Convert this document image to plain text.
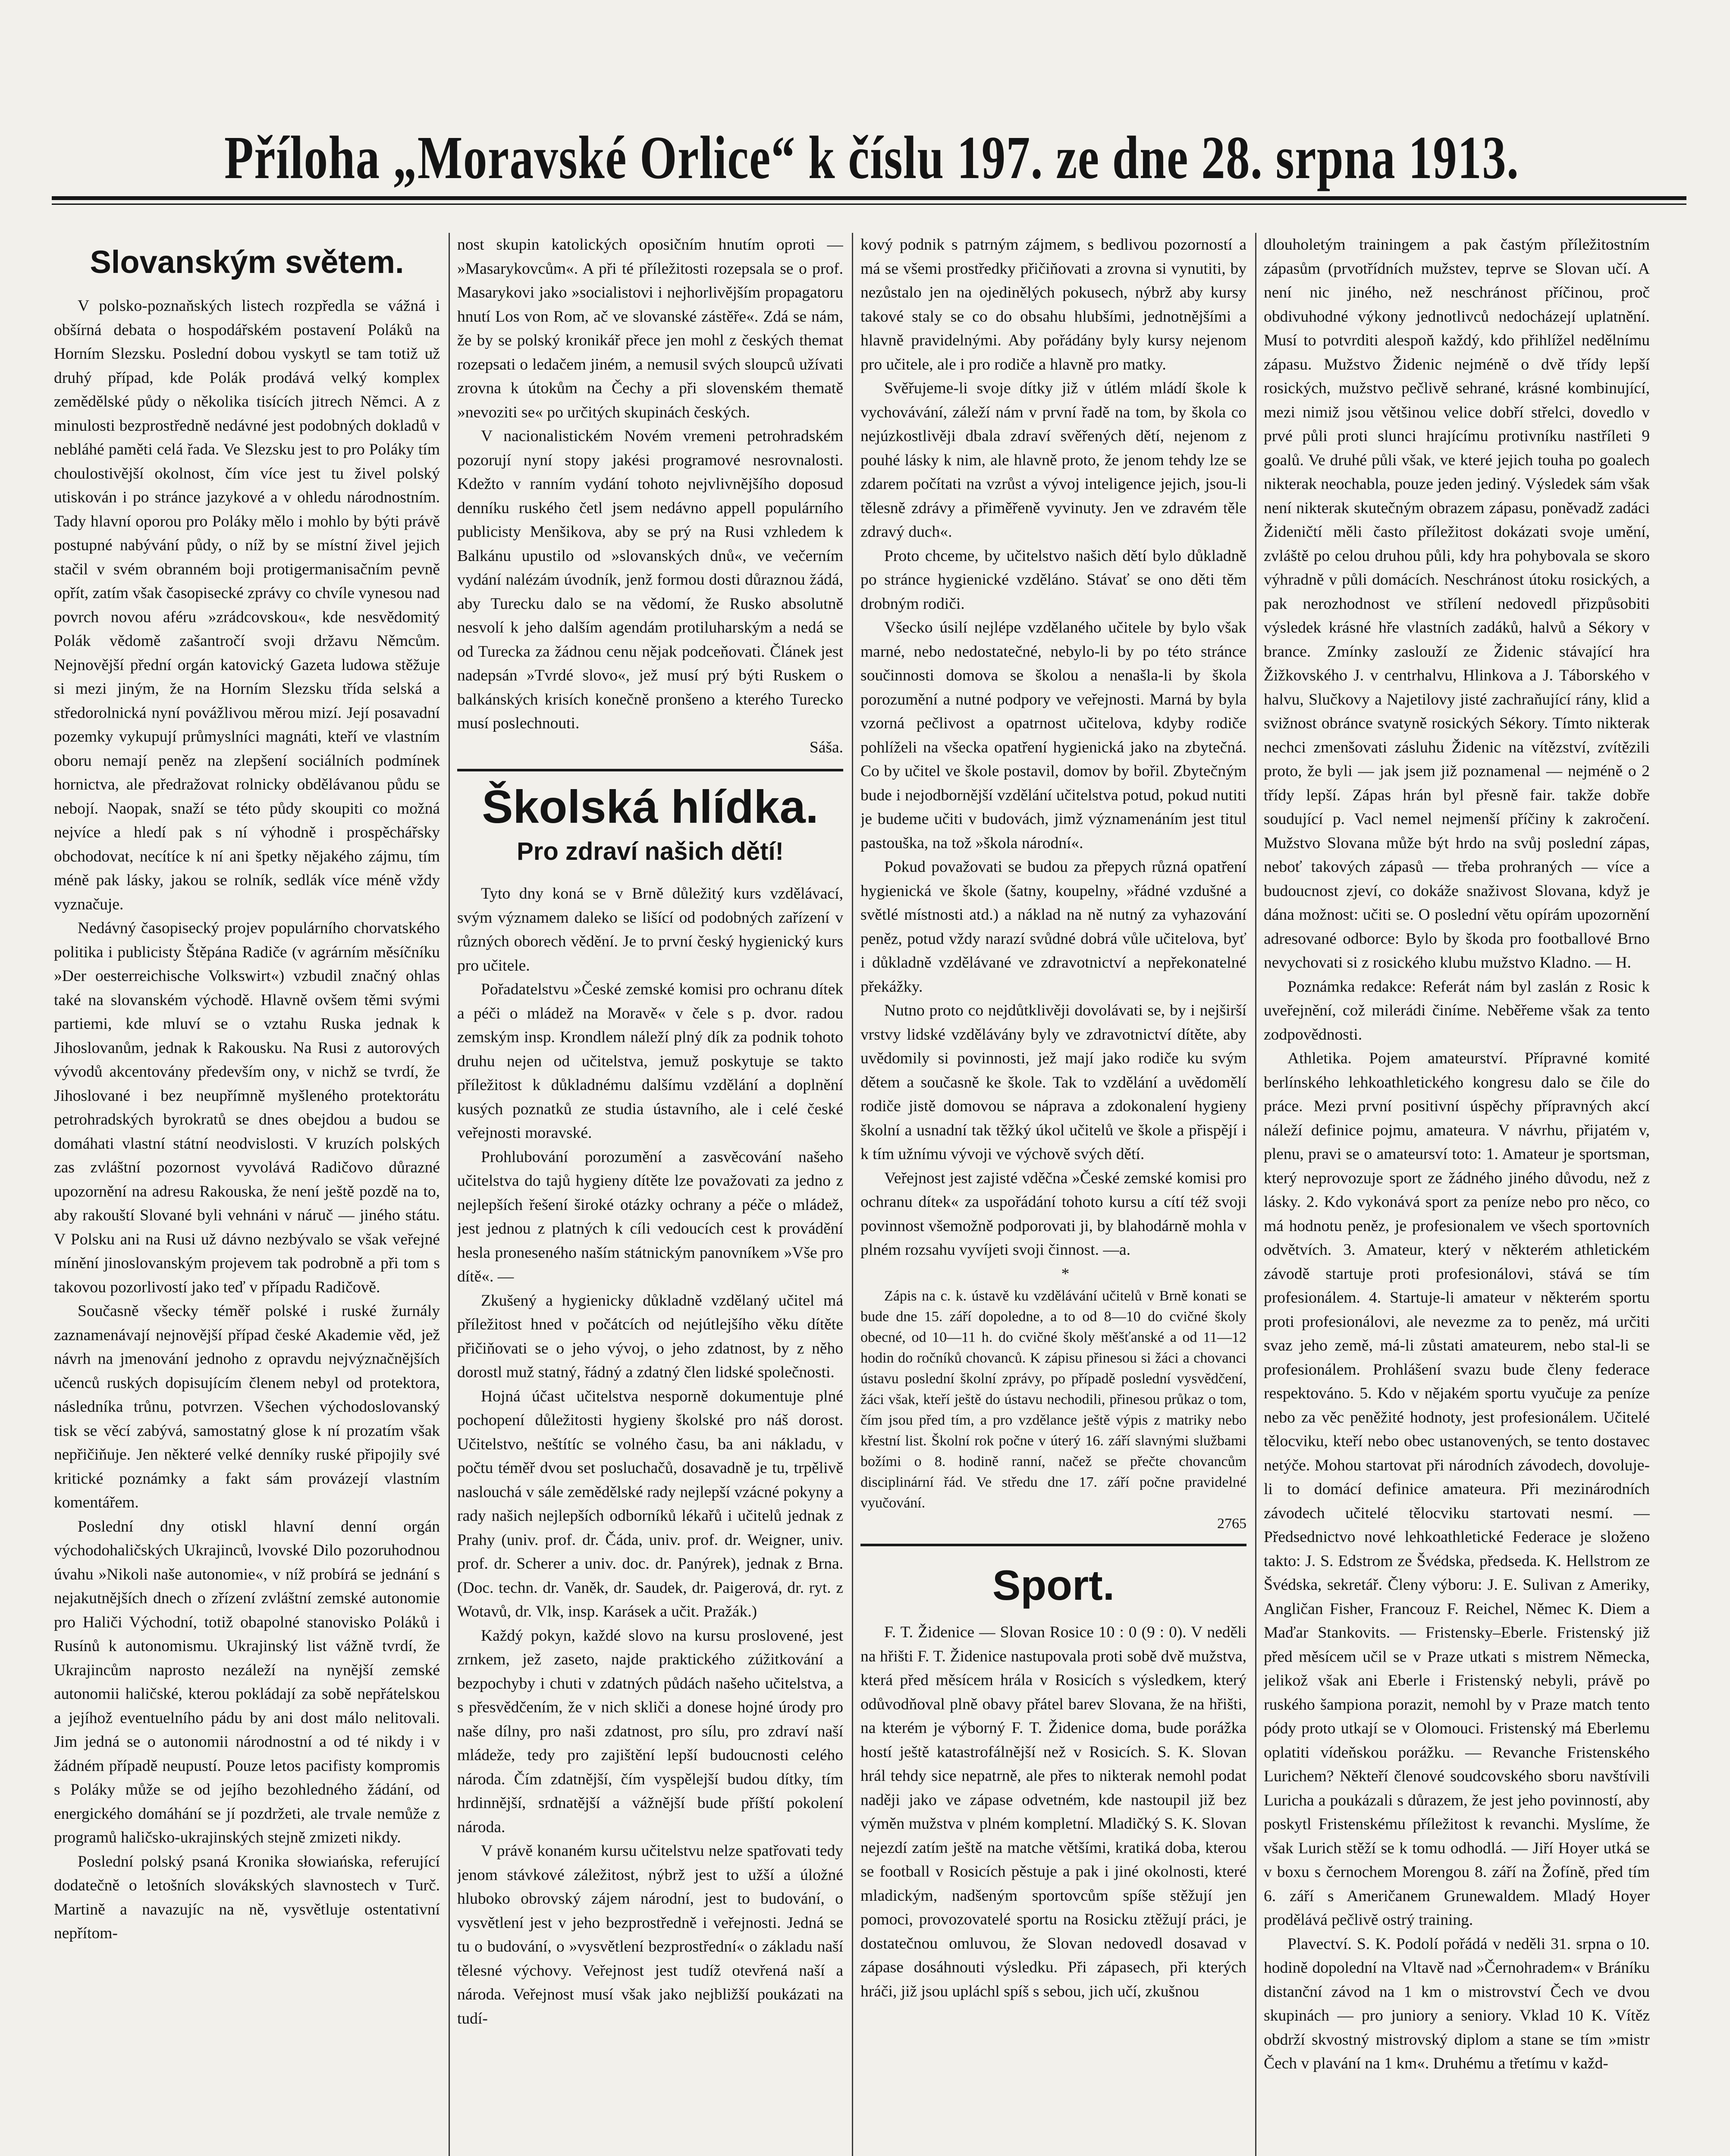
Příloha „Moravské Orlice“ k číslu 197. ze dne 28. srpna 1913.
Slovanským světem.

V polsko-poznaňských listech rozpředla se vážná i obšírná debata o hospodářském postavení Poláků na Horním Slezsku. Poslední dobou vyskytl se tam totiž už druhý případ, kde Polák prodává velký komplex zemědělské půdy o několika tisících jitrech Němci. A z minulosti bezprostředně nedávné jest podobných dokladů v nebláhé paměti celá řada. Ve Slezsku jest to pro Poláky tím choulostivější okolnost, čím více jest tu živel polský utiskován i po stránce jazykové a v ohledu národnostním. Tady hlavní oporou pro Poláky mělo i mohlo by býti právě postupné nabývání půdy, o níž by se místní živel jejich stačil v svém obranném boji protigermanisačním pevně opřít, zatím však časopisecké zprávy co chvíle vynesou nad povrch novou aféru »zrádcovskou«, kde nesvědomitý Polák vědomě zašantročí svoji državu Němcům. Nejnovější přední orgán katovický Gazeta ludowa stěžuje si mezi jiným, že na Horním Slezsku třída selská a středorolnická nyní povážlivou měrou mizí. Její posavadní pozemky vykupují průmyslníci magnáti, kteří ve vlastním oboru nemají peněz na zlepšení sociálních podmínek hornictva, ale předražovat rolnicky obdělávanou půdu se nebojí. Naopak, snaží se této půdy skoupiti co možná nejvíce a hledí pak s ní výhodně i prospěchářsky obchodovat, necítíce k ní ani špetky nějakého zájmu, tím méně pak lásky, jakou se rolník, sedlák více méně vždy vyznačuje.

Nedávný časopisecký projev populárního chorvatského politika i publicisty Štěpána Radiče (v agrárním měsíčníku »Der oesterreichische Volkswirt«) vzbudil značný ohlas také na slovanském východě. Hlavně ovšem těmi svými partiemi, kde mluví se o vztahu Ruska jednak k Jihoslovanům, jednak k Rakousku. Na Rusi z autorových vývodů akcentovány především ony, v nichž se tvrdí, že Jihoslované i bez neupřímně myšleného protektorátu petrohradských byrokratů se dnes obejdou a budou se domáhati vlastní státní neodvislosti. V kruzích polských zas zvláštní pozornost vyvolává Radičovo důrazné upozornění na adresu Rakouska, že není ještě pozdě na to, aby rakouští Slované byli vehnáni v náruč — jiného státu. V Polsku ani na Rusi už dávno nezbývalo se však veřejné mínění jinoslovanským projevem tak podrobně a při tom s takovou pozorlivostí jako teď v případu Radičově.

Současně všecky téměř polské i ruské žurnály zaznamenávají nejnovější případ české Akademie věd, jež návrh na jmenování jednoho z opravdu nejvýznačnějších učenců ruských dopisujícím členem nebyl od protektora, následníka trůnu, potvrzen. Všechen východoslovanský tisk se věcí zabývá, samostatný glose k ní prozatím však nepřičiňuje. Jen některé velké denníky ruské připojily své kritické poznámky a fakt sám provázejí vlastním komentářem.

Poslední dny otiskl hlavní denní orgán východohaličských Ukrajinců, lvovské Dilo pozoruhodnou úvahu »Nikoli naše autonomie«, v níž probírá se jednání s nejakutnějších dnech o zřízení zvláštní zemské autonomie pro Haliči Východní, totiž obapolné stanovisko Poláků i Rusínů k autonomismu. Ukrajinský list vážně tvrdí, že Ukrajincům naprosto nezáleží na nynější zemské autonomii haličské, kterou pokládají za sobě nepřátelskou a jejíhož eventuelního pádu by ani dost málo nelitovali. Jim jedná se o autonomii národnostní a od té nikdy i v žádném případě neupustí. Pouze letos pacifisty kompromis s Poláky může se od jejího bezohledného žádání, od energického domáhání se jí pozdržeti, ale trvale nemůže z programů haličsko-ukrajinských stejně zmizeti nikdy.

Poslední polský psaná Kronika słowiańska, referující dodatečně o letošních slovákských slavnostech v Turč. Martině a navazujíc na ně, vysvětluje ostentativní nepřítom-

nost skupin katolických oposičním hnutím oproti — »Masarykovcům«. A při té příležitosti rozepsala se o prof. Masarykovi jako »socialistovi i nejhorlivějším propagatoru hnutí Los von Rom, ač ve slovanské zástěře«. Zdá se nám, že by se polský kronikář přece jen mohl z českých themat rozepsati o ledačem jiném, a nemusil svých sloupců užívati zrovna k útokům na Čechy a při slovenském thematě »nevoziti se« po určitých skupinách českých.

V nacionalistickém Novém vremeni petrohradském pozorují nyní stopy jakési programové nesrovnalosti. Kdežto v ranním vydání tohoto nejvlivnějšího doposud denníku ruského četl jsem nedávno appell populárního publicisty Menšikova, aby se prý na Rusi vzhledem k Balkánu upustilo od »slovanských dnů«, ve večerním vydání nalézám úvodník, jenž formou dosti důraznou žádá, aby Turecku dalo se na vědomí, že Rusko absolutně nesvolí k jeho dalším agendám protiluharským a nedá se od Turecka za žádnou cenu nějak podceňovati. Článek jest nadepsán »Tvrdé slovo«, jež musí prý býti Ruskem o balkánských krisích konečně pronšeno a kterého Turecko musí poslechnouti.

Sáša.

Školská hlídka.
Pro zdraví našich dětí!

Tyto dny koná se v Brně důležitý kurs vzdělávací, svým významem daleko se lišící od podobných zařízení v různých oborech vědění. Je to první český hygienický kurs pro učitele.

Pořadatelstvu »České zemské komisi pro ochranu dítek a péči o mládež na Moravě« v čele s p. dvor. radou zemským insp. Krondlem náleží plný dík za podnik tohoto druhu nejen od učitelstva, jemuž poskytuje se takto příležitost k důkladnému dalšímu vzdělání a doplnění kusých poznatků ze studia ústavního, ale i celé české veřejnosti moravské.

Prohlubování porozumění a zasvěcování našeho učitelstva do tajů hygieny dítěte lze považovati za jedno z nejlepších řešení široké otázky ochrany a péče o mládež, jest jednou z platných k cíli vedoucích cest k provádění hesla proneseného naším státnickým panovníkem »Vše pro dítě«. —

Zkušený a hygienicky důkladně vzdělaný učitel má příležitost hned v počátcích od nejútlejšího věku dítěte přičiňovati se o jeho vývoj, o jeho zdatnost, by z něho dorostl muž statný, řádný a zdatný člen lidské společnosti.

Hojná účast učitelstva nesporně dokumentuje plné pochopení důležitosti hygieny školské pro náš dorost. Učitelstvo, neštítíc se volného času, ba ani nákladu, v počtu téměř dvou set posluchačů, dosavadně je tu, trpělivě naslouchá v sále zemědělské rady nejlepší vzácné pokyny a rady našich nejlepších odborníků lékařů i učitelů jednak z Prahy (univ. prof. dr. Čáda, univ. prof. dr. Weigner, univ. prof. dr. Scherer a univ. doc. dr. Panýrek), jednak z Brna. (Doc. techn. dr. Vaněk, dr. Saudek, dr. Paigerová, dr. ryt. z Wotavů, dr. Vlk, insp. Karásek a učit. Pražák.)

Každý pokyn, každé slovo na kursu proslovené, jest zrnkem, jež zaseto, najde praktického zúžitkování a bezpochyby i chuti v zdatných půdách našeho učitelstva, a s přesvědčením, že v nich skliči a donese hojné úrody pro naše dílny, pro naši zdatnost, pro sílu, pro zdraví naší mládeže, tedy pro zajištění lepší budoucnosti celého národa. Čím zdatnější, čím vyspělejší budou dítky, tím hrdinnější, srdnatější a vážnější bude příští pokolení národa.

V právě konaném kursu učitelstvu nelze spatřovati tedy jenom stávkové záležitost, nýbrž jest to užší a úložné hluboko obrovský zájem národní, jest to budování, o vysvětlení jest v jeho bezprostředně i veřejnosti. Jedná se tu o budování, o »vysvětlení bezprostřední« o základu naší tělesné výchovy. Veřejnost jest tudíž otevřená naší a národa. Veřejnost musí však jako nejbližší poukázati na tudí-

kový podnik s patrným zájmem, s bedlivou pozorností a má se všemi prostředky přičiňovati a zrovna si vynutiti, by nezůstalo jen na ojedinělých pokusech, nýbrž aby kursy takové staly se co do obsahu hlubšími, jednotnějšími a hlavně pravidelnými. Aby pořádány byly kursy nejenom pro učitele, ale i pro rodiče a hlavně pro matky.

Svěřujeme-li svoje dítky již v útlém mládí škole k vychovávání, záleží nám v první řadě na tom, by škola co nejúzkostlivěji dbala zdraví svěřených dětí, nejenom z pouhé lásky k nim, ale hlavně proto, že jenom tehdy lze se zdarem počítati na vzrůst a vývoj inteligence jejich, jsou-li tělesně zdrávy a přiměřeně vyvinuty. Jen ve zdravém těle zdravý duch«.

Proto chceme, by učitelstvo našich dětí bylo důkladně po stránce hygienické vzděláno. Stávať se ono děti těm drobným rodiči.

Všecko úsilí nejlépe vzdělaného učitele by bylo však marné, nebo nedostatečné, nebylo-li by po této stránce součinnosti domova se školou a nenašla-li by škola porozumění a nutné podpory ve veřejnosti. Marná by byla vzorná pečlivost a opatrnost učitelova, kdyby rodiče pohlíželi na všecka opatření hygienická jako na zbytečná. Co by učitel ve škole postavil, domov by bořil. Zbytečným bude i nejodbornější vzdělání učitelstva potud, pokud nutiti je budeme učiti v budovách, jimž významenáním jest titul pastouška, na tož »škola národní«.

Pokud považovati se budou za přepych různá opatření hygienická ve škole (šatny, koupelny, »řádné vzdušné a světlé místnosti atd.) a náklad na ně nutný za vyhazování peněz, potud vždy narazí svůdné dobrá vůle učitelova, byť i důkladně vzdělávané ve zdravotnictví a nepřekonatelné překážky.

Nutno proto co nejdůtklivěji dovolávati se, by i nejširší vrstvy lidské vzdělávány byly ve zdravotnictví dítěte, aby uvědomily si povinnosti, jež mají jako rodiče ku svým dětem a současně ke škole. Tak to vzdělání a uvědomělí rodiče jistě domovou se náprava a zdokonalení hygieny školní a usnadní tak těžký úkol učitelů ve škole a přispějí i k tím užnímu vývoji ve výchově svých dětí.

Veřejnost jest zajisté vděčna »České zemské komisi pro ochranu dítek« za uspořádání tohoto kursu a cítí též svoji povinnost všemožně podporovati ji, by blahodárně mohla v plném rozsahu vyvíjeti svoji činnost. —a.

*

Zápis na c. k. ústavě ku vzdělávání učitelů v Brně konati se bude dne 15. září dopoledne, a to od 8—10 do cvičné školy obecné, od 10—11 h. do cvičné školy měšťanské a od 11—12 hodin do ročníků chovanců. K zápisu přinesou si žáci a chovanci ústavu poslední školní zprávy, po případě poslední vysvědčení, žáci však, kteří ještě do ústavu nechodili, přinesou průkaz o tom, čím jsou před tím, a pro vzdělance ještě výpis z matriky nebo křestní list. Školní rok počne v úterý 16. září slavnými službami božími o 8. hodině ranní, načež se přečte chovancům disciplinární řád. Ve středu dne 17. září počne pravidelné vyučování.

2765

Sport.

F. T. Židenice — Slovan Rosice 10 : 0 (9 : 0). V neděli na hřišti F. T. Židenice nastupovala proti sobě dvě mužstva, která před měsícem hrála v Rosicích s výsledkem, který odůvodňoval plně obavy přátel barev Slovana, že na hřišti, na kterém je výborný F. T. Židenice doma, bude porážka hostí ještě katastrofálnější než v Rosicích. S. K. Slovan hrál tehdy sice nepatrně, ale přes to nikterak nemohl podat naději jako ve zápase odvetném, kde nastoupil již bez výměn mužstva v plném kompletní. Mladičký S. K. Slovan nejezdí zatím ještě na matche většími, kratiká doba, kterou se football v Rosicích pěstuje a pak i jiné okolnosti, které mladickým, nadšeným sportovcům spíše stěžují jen pomoci, provozovatelé sportu na Rosicku ztěžují práci, je dostatečnou omluvou, že Slovan nedovedl dosavad v zápase dosáhnouti výsledku. Při zápasech, při kterých hráči, již jsou upláchl spíš s sebou, jich učí, zkušnou

dlouholetým trainingem a pak častým příležitostním zápasům (prvotřídních mužstev, teprve se Slovan učí. A není nic jiného, než neschránost příčinou, proč obdivuhodné výkony jednotlivců nedocházejí uplatnění. Musí to potvrditi alespoň každý, kdo přihlížel nedělnímu zápasu. Mužstvo Židenic nejméně o dvě třídy lepší rosických, mužstvo pečlivě sehrané, krásné kombinující, mezi nimiž jsou většinou velice dobří střelci, dovedlo v prvé půli proti slunci hrajícímu protivníku nastříleti 9 goalů. Ve druhé půli však, ve které jejich touha po goalech nikterak neochabla, pouze jeden jediný. Výsledek sám však není nikterak skutečným obrazem zápasu, poněvadž zadáci Žideničtí měli často příležitost dokázati svoje umění, zvláště po celou druhou půli, kdy hra pohybovala se skoro výhradně v půli domácích. Neschránost útoku rosických, a pak nerozhodnost ve střílení nedovedl přizpůsobiti výsledek krásné hře vlastních zadáků, halvů a Sékory v brance. Zmínky zaslouží ze Židenic stávající hra Žižkovského J. v centrhalvu, Hlinkova a J. Táborského v halvu, Slučkovy a Najetilovy jisté zachraňující rány, klid a svižnost obránce svatyně rosických Sékory. Tímto nikterak nechci zmenšovati zásluhu Židenic na vítězství, zvítězili proto, že byli — jak jsem již poznamenal — nejméně o 2 třídy lepší. Zápas hrán byl přesně fair. takže dobře soudující p. Vacl nemel nejmenší příčiny k zakročení. Mužstvo Slovana může být hrdo na svůj poslední zápas, neboť takových zápasů — třeba prohraných — více a budoucnost zjeví, co dokáže snaživost Slovana, když je dána možnost: učiti se. O poslední větu opírám upozornění adresované odborce: Bylo by škoda pro footballové Brno nevychovati si z rosického klubu mužstvo Kladno. — H.

Poznámka redakce: Referát nám byl zaslán z Rosic k uveřejnění, což milerádi činíme. Neběřeme však za tento zodpovědnosti.

Athletika. Pojem amateurství. Přípravné komité berlínského lehkoathletického kongresu dalo se čile do práce. Mezi první positivní úspěchy přípravných akcí náleží definice pojmu, amateura. V návrhu, přijatém v, plenu, pravi se o amateursví toto: 1. Amateur je sportsman, který neprovozuje sport ze žádného jiného důvodu, než z lásky. 2. Kdo vykonává sport za peníze nebo pro něco, co má hodnotu peněz, je profesionalem ve všech sportovních odvětvích. 3. Amateur, který v některém athletickém závodě startuje proti profesionálovi, stává se tím profesionálem. 4. Startuje-li amateur v některém sportu proti profesionálovi, ale nevezme za to peněz, má určiti svaz jeho země, má-li zůstati amateurem, nebo stal-li se profesionálem. Prohlášení svazu bude členy federace respektováno. 5. Kdo v nějakém sportu vyučuje za peníze nebo za věc peněžité hodnoty, jest profesionálem. Učitelé tělocviku, kteří nebo obec ustanovených, se tento dostavec netýče. Mohou startovat při národních závodech, dovoluje-li to domácí definice amateura. Při mezinárodních závodech učitelé tělocviku startovati nesmí. — Předsednictvo nové lehkoathletické Federace je složeno takto: J. S. Edstrom ze Švédska, předseda. K. Hellstrom ze Švédska, sekretář. Členy výboru: J. E. Sulivan z Ameriky, Angličan Fisher, Francouz F. Reichel, Němec K. Diem a Maďar Stankovits. — Fristensky–Eberle. Fristenský již před měsícem učil se v Praze utkati s mistrem Německa, jelikož však ani Eberle i Fristenský nebyli, právě po ruského šampiona porazit, nemohl by v Praze match tento pódy proto utkají se v Olomouci. Fristenský má Eberlemu oplatiti vídeňskou porážku. — Revanche Fristenského Lurichem? Někteří členové soudcovského sboru navštívili Luricha a poukázali s důrazem, že jest jeho povinností, aby poskytl Fristenskému příležitost k revanchi. Myslíme, že však Lurich stěží se k tomu odhodlá. — Jiří Hoyer utká se v boxu s černochem Morengou 8. září na Žofíně, před tím 6. září s Američanem Grunewaldem. Mladý Hoyer prodělává pečlivě ostrý training.

Plavectví. S. K. Podolí pořádá v neděli 31. srpna o 10. hodině dopolední na Vltavě nad »Černohradem« v Bráníku distanční závod na 1 km o mistrovství Čech ve dvou skupinách — pro juniory a seniory. Vklad 10 K. Vítěz obdrží skvostný mistrovský diplom a stane se tím »mistr Čech v plavání na 1 km«. Druhému a třetímu v každ-
